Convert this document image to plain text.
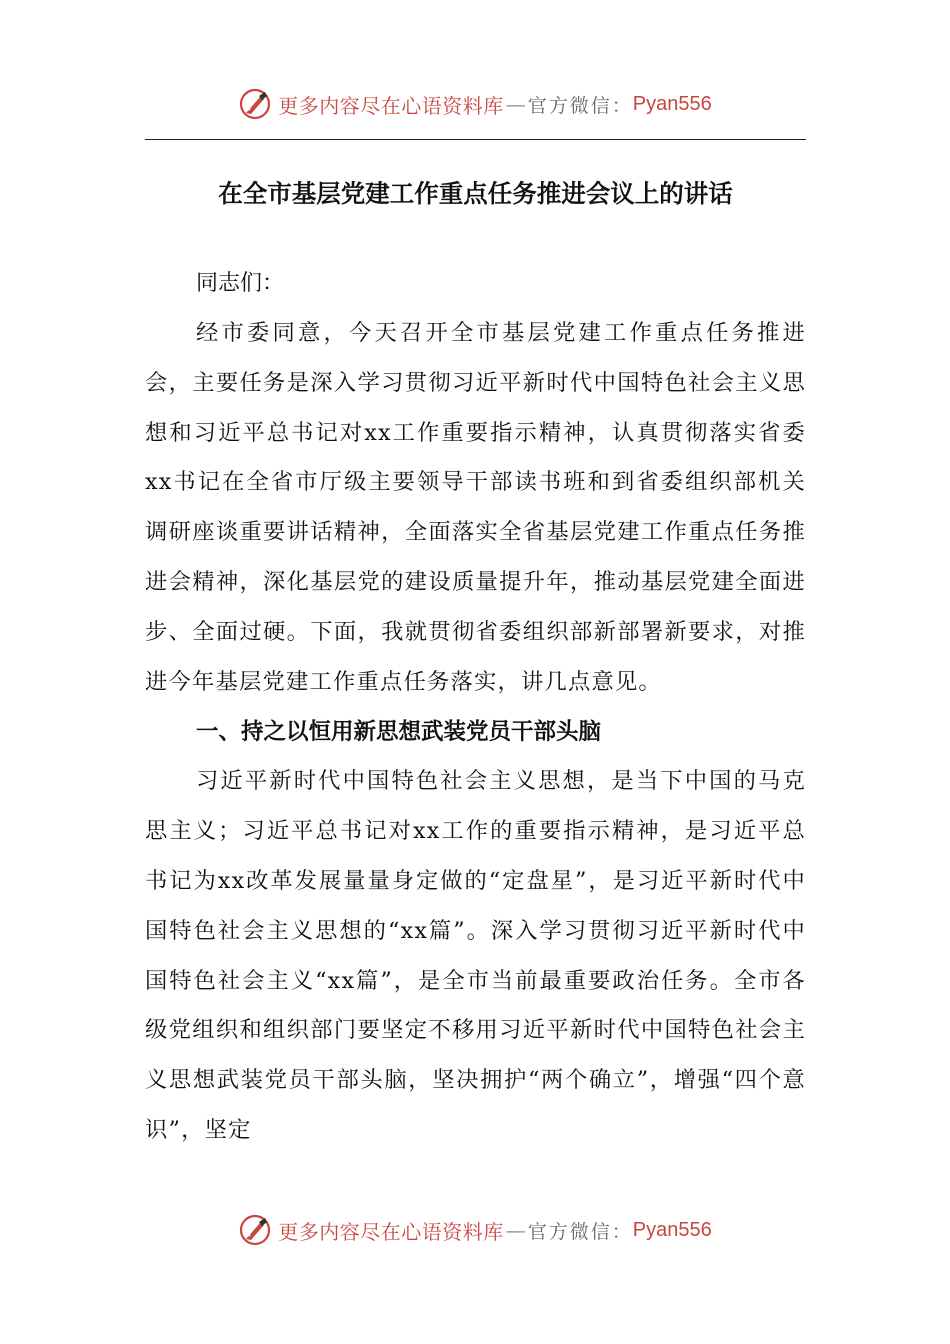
更多内容尽在心语资料库 — 官方微信： Pyan556
在全市基层党建工作重点任务推进会议上的讲话

同志们：

经市委同意，今天召开全市基层党建工作重点任务推进会，主要任务是深入学习贯彻习近平新时代中国特色社会主义思想和习近平总书记对xx工作重要指示精神，认真贯彻落实省委xx书记在全省市厅级主要领导干部读书班和到省委组织部机关调研座谈重要讲话精神，全面落实全省基层党建工作重点任务推进会精神，深化基层党的建设质量提升年，推动基层党建全面进步、全面过硬。下面，我就贯彻省委组织部新部署新要求，对推进今年基层党建工作重点任务落实，讲几点意见。

一、持之以恒用新思想武装党员干部头脑

习近平新时代中国特色社会主义思想，是当下中国的马克思主义；习近平总书记对xx工作的重要指示精神，是习近平总书记为xx改革发展量量身定做的“定盘星”，是习近平新时代中国特色社会主义思想的“xx篇”。深入学习贯彻习近平新时代中国特色社会主义“xx篇”，是全市当前最重要政治任务。全市各级党组织和组织部门要坚定不移用习近平新时代中国特色社会主义思想武装党员干部头脑，坚决拥护“两个确立”，增强“四个意识”，坚定

更多内容尽在心语资料库 — 官方微信： Pyan556
